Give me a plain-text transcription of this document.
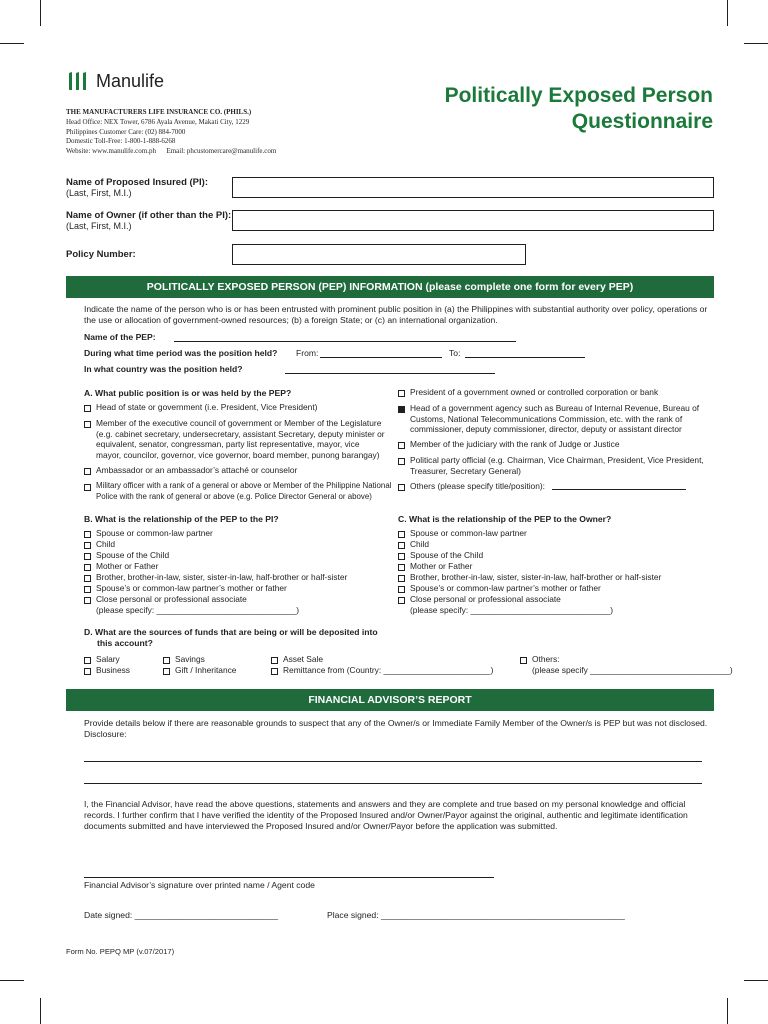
Manulife
Politically Exposed Person
Questionnaire
THE MANUFACTURERS LIFE INSURANCE CO. (PHILS.)
Head Office: NEX Tower, 6786 Ayala Avenue, Makati City, 1229
Philippines Customer Care: (02) 884-7000
Domestic Toll-Free: 1-800-1-888-6268
Website: www.manulife.com.ph      Email: phcustomercare@manulife.com
Name of Proposed Insured (PI):
(Last, First, M.I.)
Name of Owner (if other than the PI):
(Last, First, M.I.)
Policy Number:
POLITICALLY EXPOSED PERSON (PEP) INFORMATION (please complete one form for every PEP)
Indicate the name of the person who is or has been entrusted with prominent public position in (a) the Philippines with substantial authority over policy, operations or the use or allocation of government-owned resources; (b) a foreign State; or (c) an international organization.
Name of the PEP:
During what time period was the position held? From:	To:
In what country was the position held?
A. What public position is or was held by the PEP?
Head of state or government (i.e. President, Vice President)
Member of the executive council of government or Member of the Legislature (e.g. cabinet secretary, undersecretary, assistant Secretary, deputy minister or equivalent, senator, congressman, party list representative, mayor, vice mayor, councilor, governor, vice governor, board member, punong barangay)
Ambassador or an ambassador’s attaché or counselor
Military officer with a rank of a general or above or Member of the Philippine National Police with the rank of general or above (e.g. Police Director General or above)
President of a government owned or controlled corporation or bank
Head of a government agency such as Bureau of Internal Revenue, Bureau of Customs, National Telecommunications Commission, etc. with the rank of commissioner, deputy commissioner, director, deputy or assistant director
Member of the judiciary with the rank of Judge or Justice
Political party official (e.g. Chairman, Vice Chairman, President, Vice President, Treasurer, Secretary General)
Others (please specify title/position):
B. What is the relationship of the PEP to the PI?
Spouse or common-law partner
Child
Spouse of the Child
Mother or Father
Brother, brother-in-law, sister, sister-in-law, half-brother or half-sister
Spouse’s or common-law partner’s mother or father
Close personal or professional associate
(please specify: ______________________________)
C. What is the relationship of the PEP to the Owner?
Spouse or common-law partner
Child
Spouse of the Child
Mother or Father
Brother, brother-in-law, sister, sister-in-law, half-brother or half-sister
Spouse’s or common-law partner’s mother or father
Close personal or professional associate
(please specify: ______________________________)
D. What are the sources of funds that are being or will be deposited into
this account?
Salary
Business
Savings
Gift / Inheritance
Asset Sale
Remittance from (Country: _______________________)
Others:
(please specify ______________________________)
FINANCIAL ADVISOR’S REPORT
Provide details below if there are reasonable grounds to suspect that any of the Owner/s or Immediate Family Member of the Owner/s is PEP but was not disclosed.
Disclosure:
I, the Financial Advisor, have read the above questions, statements and answers and they are complete and true based on my personal knowledge and official records. I further confirm that I have verified the identity of the Proposed Insured and/or Owner/Payor against the original, authentic and legitimate identification documents submitted and have interviewed the Proposed Insured and/or Owner/Payor before the application was submitted.
Financial Advisor’s signature over printed name / Agent code
Date signed: ______________________________	Place signed: ___________________________________________________
Form No. PEPQ MP (v.07/2017)
